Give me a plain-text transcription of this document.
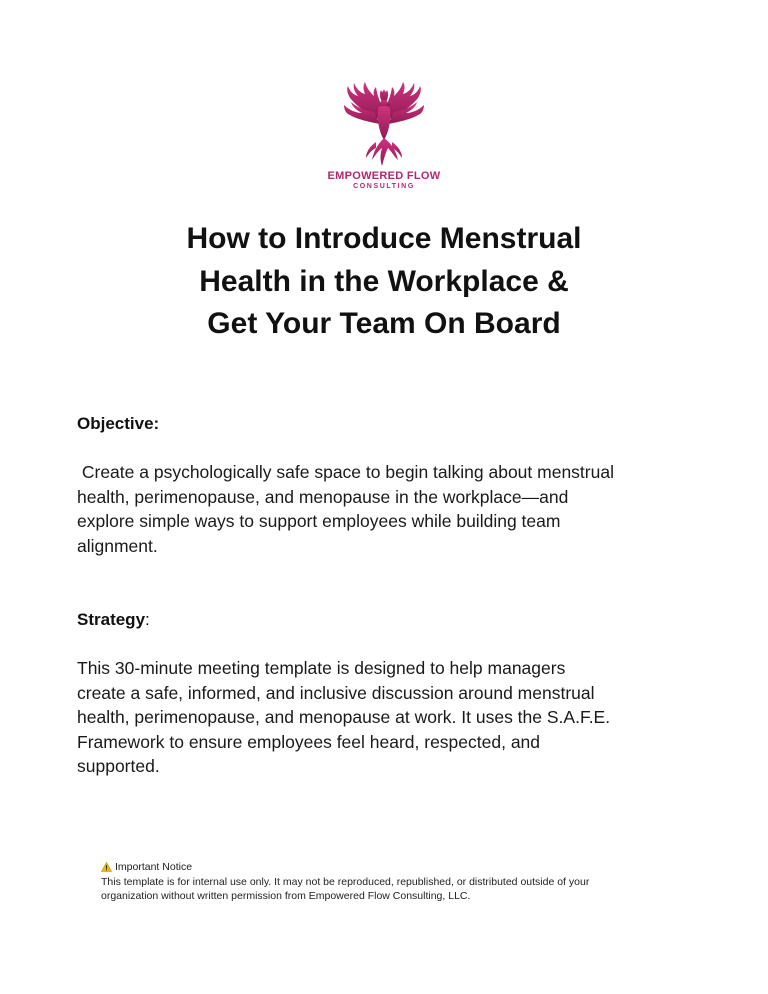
EMPOWERED FLOW
CONSULTING
How to Introduce Menstrual
Health in the Workplace &
Get Your Team On Board

Objective:

Create a psychologically safe space to begin talking about menstrual
health, perimenopause, and menopause in the workplace—and
explore simple ways to support employees while building team
alignment.

Strategy:

This 30-minute meeting template is designed to help managers
create a safe, informed, and inclusive discussion around menstrual
health, perimenopause, and menopause at work. It uses the S.A.F.E.
Framework to ensure employees feel heard, respected, and
supported.

Important Notice
This template is for internal use only. It may not be reproduced, republished, or distributed outside of your
organization without written permission from Empowered Flow Consulting, LLC.
